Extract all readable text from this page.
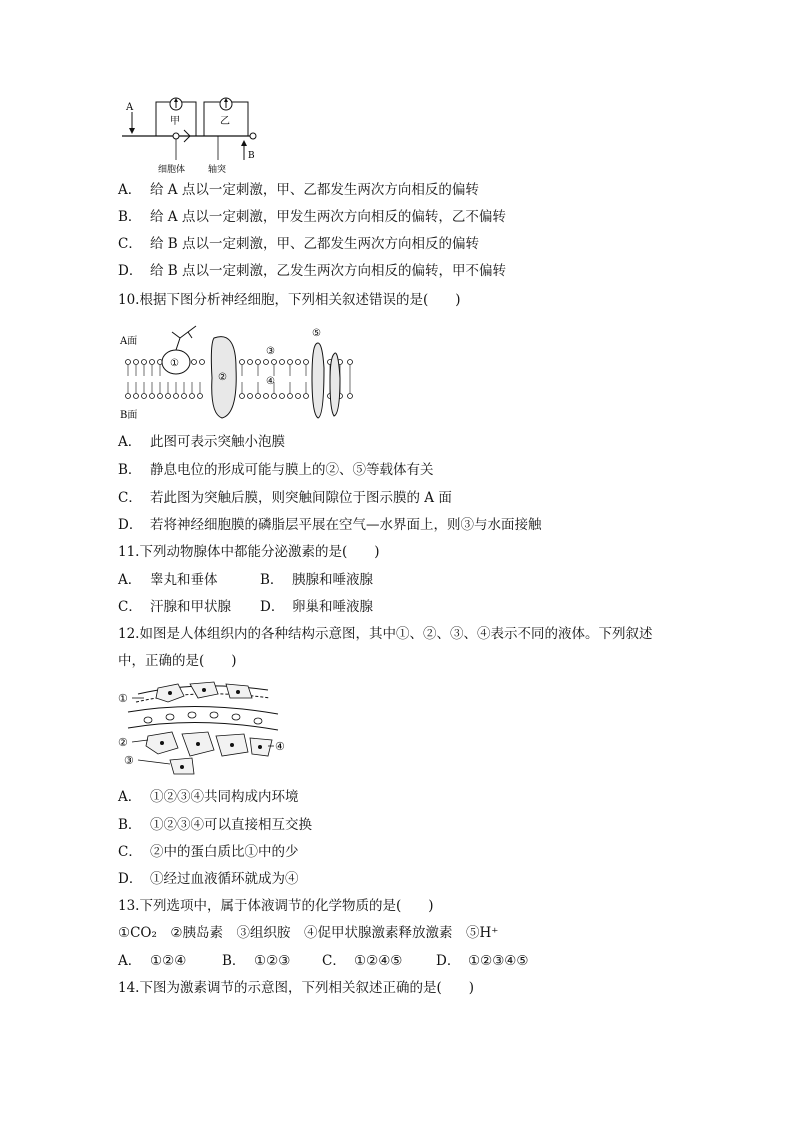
A
甲	乙
B
细胞体	轴突
A． 给 A 点以一定刺激，甲、乙都发生两次方向相反的偏转
B． 给 A 点以一定刺激，甲发生两次方向相反的偏转，乙不偏转
C． 给 B 点以一定刺激，甲、乙都发生两次方向相反的偏转
D． 给 B 点以一定刺激，乙发生两次方向相反的偏转，甲不偏转
10.根据下图分析神经细胞，下列相关叙述错误的是(　　)
A面
B面
①
②
③
④
⑤
A． 此图可表示突触小泡膜
B． 静息电位的形成可能与膜上的②、⑤等载体有关
C． 若此图为突触后膜，则突触间隙位于图示膜的 A 面
D． 若将神经细胞膜的磷脂层平展在空气—水界面上，则③与水面接触
11.下列动物腺体中都能分泌激素的是(　　)
A． 睾丸和垂体	B． 胰腺和唾液腺
C． 汗腺和甲状腺 D． 卵巢和唾液腺
12.如图是人体组织内的各种结构示意图，其中①、②、③、④表示不同的液体。下列叙述
中，正确的是(　　)
①
②
③
④
A． ①②③④共同构成内环境
B． ①②③④可以直接相互交换
C． ②中的蛋白质比①中的少
D． ①经过血液循环就成为④
13.下列选项中，属于体液调节的化学物质的是(　　)
①CO₂　②胰岛素　③组织胺　④促甲状腺激素释放激素　⑤H⁺
A． ①②④	B． ①②③ C． ①②④⑤ D． ①②③④⑤
14.下图为激素调节的示意图，下列相关叙述正确的是(　　)
